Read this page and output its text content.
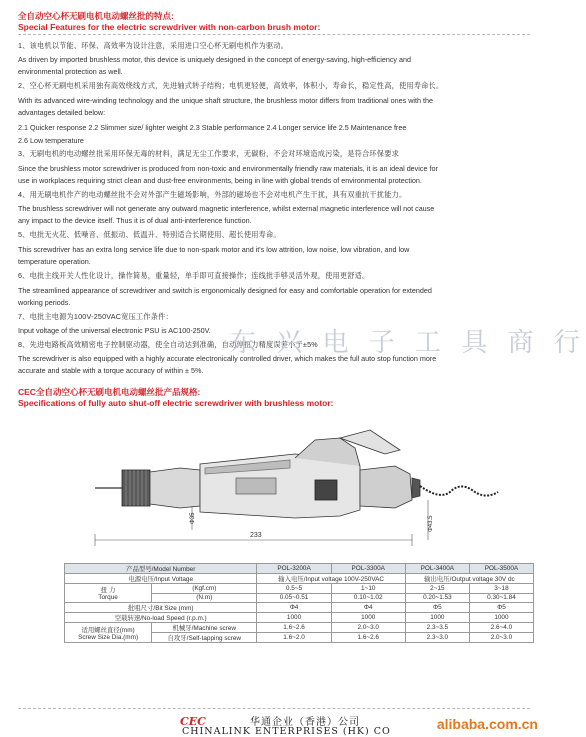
全自动空心杯无刷电机电动螺丝批的特点:
Special Features for the electric screwdriver with non-carbon brush motor:
1、该电机以节能、环保、高效率为设计注意，采用进口空心杯无刷电机作为驱动。
As driven by imported brushless motor, this device is uniquely designed in the concept of energy-saving, high-efficiency and
environmental protection as well.
2、空心杯无刷电机采用独有高效绕线方式，先进轴式转子结构；电机更轻便，高效率，体积小，寿命长，稳定性高，使用寿命长。
With its advanced wire-winding technology and the unique shaft structure, the brushless motor differs from traditional ones with the
advantages detailed below:
2.1 Quicker response 2.2 Slimmer size/ lighter weight 2.3 Stable performance 2.4 Longer service life 2.5 Maintenance free
2.6 Low temperature
3、无刷电机的电动螺丝批采用环保无毒的材料，满足无尘工作要求，无碳粉，不会对环境造成污染，是符合环保要求
Since the brushless motor screwdriver is produced from non-toxic and environmentally friendly raw materials, it is an ideal device for
use in workplaces requiring strict clean and dust-free environments, being in line with global trends of environmental protection.
4、用无刷电机作产的电动螺丝批不会对外部产生磁场影响，外部的磁场也不会对电机产生干扰，具有双重抗干扰能力。
The brushless screwdriver will not generate any outward magnetic interference, whilst external magnetic interference will not cause
any impact to the device itself. Thus it is of dual anti-interference function.
5、电批无火花、低噪音、低振动、低温升、特别适合长期使用、超长使用寿命。
This screwdriver has an extra long service life due to non-spark motor and it's low attrition, low noise, low vibration, and low
temperature operation.
6、电批主线开关人性化设计，操作简易，重量轻，单手即可直接操作；连线批手够灵活外观，使用更舒适。
The streamlined appearance of screwdriver and switch is ergonomically designed for easy and comfortable operation for extended
working periods.
7、电批主电源为100V-250VAC宽压工作条件：
Input voltage of the universal electronic PSU is AC100-250V.
8、先进电路板高效精密电子控制驱动器，使全自动达到准确，自动停扭力精度误差小于±5%
The screwdriver is also equipped with a highly accurate electronically controlled driver, which makes the full auto stop function more
accurate and stable with a torque accuracy of within ± 5%.
东 兴 电 子 工 具 商 行
CEC全自动空心杯无刷电机电动螺丝批产品规格:
Specifications of fully auto shut-off electric screwdriver with brushless motor:
233
Φ35	Φ43.5
产品型号/Model Number		POL-3200A	POL-3300A	POL-3400A	POL-3500A
电源电压/Input Voltage		输入电压/Input voltage 100V-250VAC		输出电压/Output voltage 30V dc	
扭 力
Torque	(Kgf.cm)	0.5~5	1~10	2~15	3~18
	(N.m)	0.05~0.51	0.10~1.02	0.20~1.53	0.30~1.84
批咀尺寸/Bit Size (mm)		Φ4	Φ4	Φ5	Φ5
空载转速/No-load Speed (r.p.m.)		1000	1000	1000	1000
适用螺丝直径(mm)
Screw Size Dia.(mm)	机械牙/Machine screw	1.6~2.6	2.0~3.0	2.3~3.5	2.6~4.0
	自攻牙/Self-tapping screw	1.6~2.0	1.6~2.6	2.3~3.0	2.0~3.0
CEC	华通企业（香港）公司
CHINALINK ENTERPRISES (HK) CO	alibaba.com.cn
